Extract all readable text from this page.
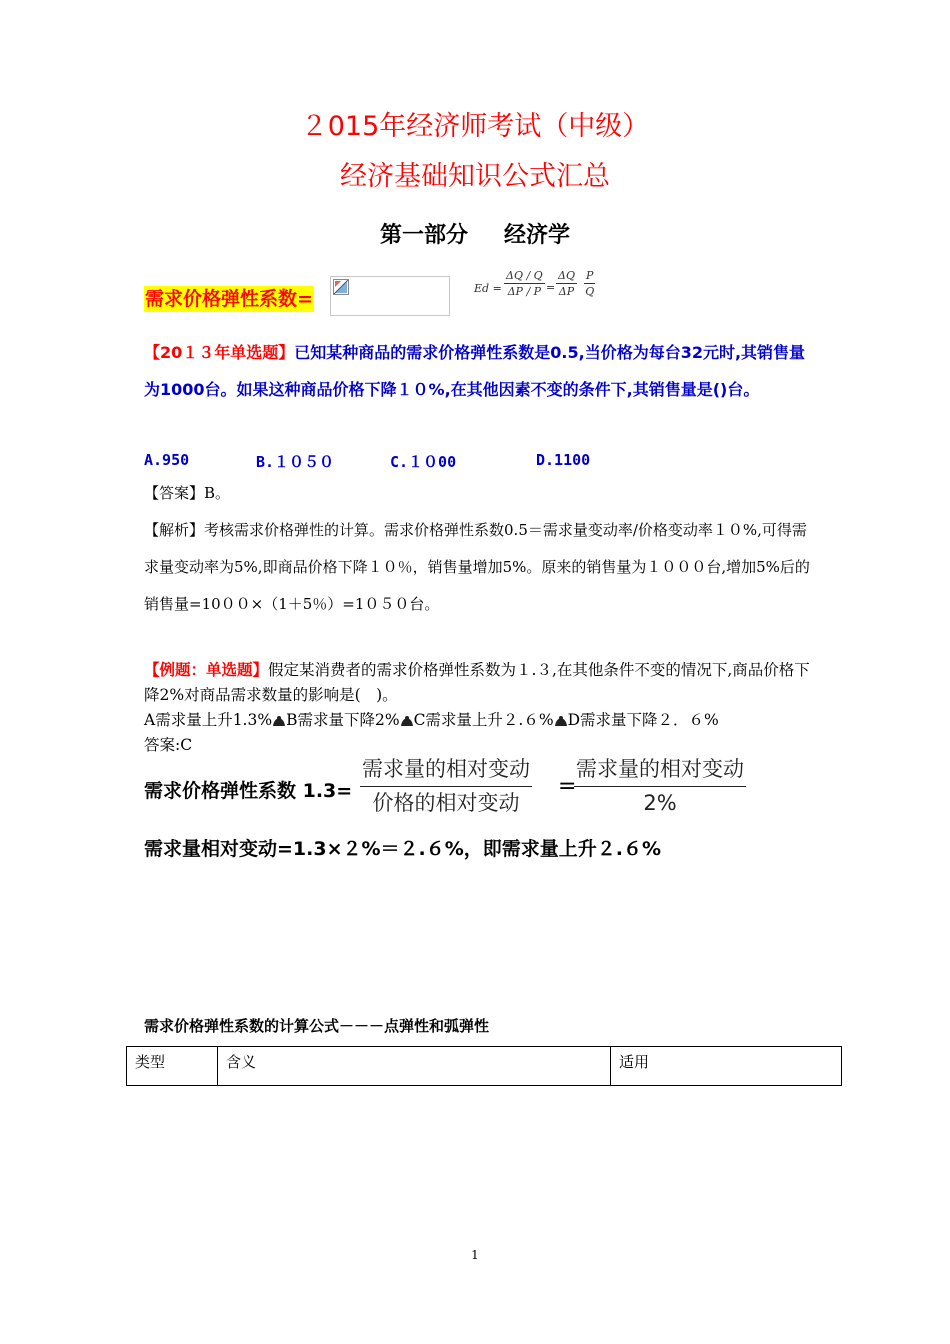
２015年经济师考试（中级）
经济基础知识公式汇总
第一部分 经济学
需求价格弹性系数=	$Ed = \frac{\Delta Q / Q}{\Delta P / P} = \frac{\Delta Q}{\Delta P} \frac{P}{Q}$
【20１３年单选题】已知某种商品的需求价格弹性系数是0.5,当价格为每台32元时,其销售量为1000台。如果这种商品价格下降１０%,在其他因素不变的条件下,其销售量是()台。
A.950	B.１０５０	C.１０00	D.1100
【答案】B。
【解析】考核需求价格弹性的计算。需求价格弹性系数0.5＝需求量变动率/价格变动率１０%,可得需求量变动率为5%,即商品价格下降１０％，销售量增加5%。原来的销售量为１０００台,增加5%后的销售量=10００×（1＋5％）=1０５０台。
【例题：单选题】假定某消费者的需求价格弹性系数为１.３,在其他条件不变的情况下,商品价格下降2%对商品需求数量的影响是(　)。
A需求量上升1.3% B需求量下降2% C需求量上升２.６% D需求量下降２．６%
答案:C
需求价格弹性系数 1.3=
需求量的相对变动
价格的相对变动
=
需求量的相对变动
2%
需求量相对变动=1.3×２%＝２.６%，即需求量上升２.６%
需求价格弹性系数的计算公式－－－点弹性和弧弹性
类型	含义	适用
1
